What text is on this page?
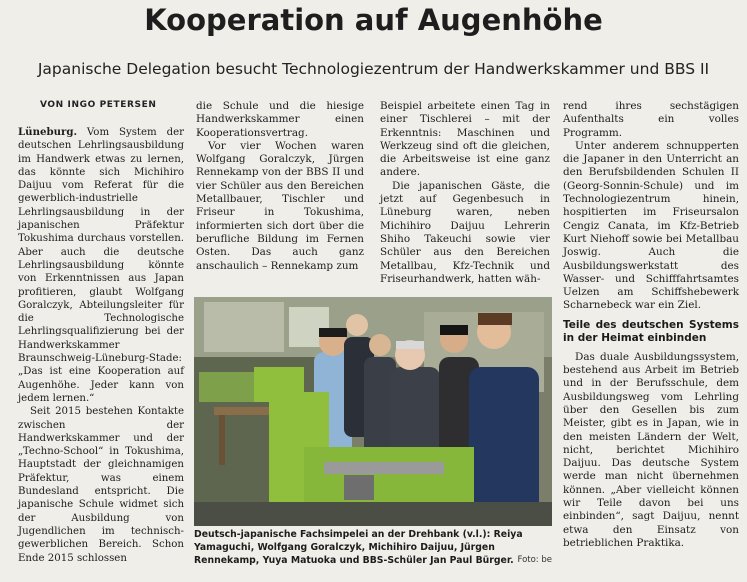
Kooperation auf Augenhöhe
Japanische Delegation besucht Technologiezentrum der Handwerkskammer und BBS II
VON INGO PETERSEN

Lüneburg. Vom System der deutschen Lehrlingsausbildung im Handwerk etwas zu lernen, das könnte sich Michihiro Daijuu vom Referat für die gewerblich-industrielle Lehrlingsausbildung in der japanischen Präfektur Tokushima durchaus vorstellen. Aber auch die deutsche Lehrlingsausbildung könnte von Erkenntnissen aus Japan profitieren, glaubt Wolfgang Goralczyk, Abteilungsleiter für die Technologische Lehrlingsqualifizierung bei der Handwerkskammer Braunschweig-Lüneburg-Stade: „Das ist eine Kooperation auf Augenhöhe. Jeder kann von jedem lernen.“

Seit 2015 bestehen Kontakte zwischen der Handwerkskammer und der „Techno-School“ in Tokushima, Hauptstadt der gleichnamigen Präfektur, was einem Bundesland entspricht. Die japanische Schule widmet sich der Ausbildung von Jugendlichen im technisch-gewerblichen Bereich. Schon Ende 2015 schlossen

die Schule und die hiesige Handwerkskammer einen Kooperationsvertrag.

Vor vier Wochen waren Wolfgang Goralczyk, Jürgen Rennekamp von der BBS II und vier Schüler aus den Bereichen Metallbauer, Tischler und Friseur in Tokushima, informierten sich dort über die berufliche Bildung im Fernen Osten. Das auch ganz anschaulich – Rennekamp zum

Beispiel arbeitete einen Tag in einer Tischlerei – mit der Erkenntnis: Maschinen und Werkzeug sind oft die gleichen, die Arbeitsweise ist eine ganz andere.

Die japanischen Gäste, die jetzt auf Gegenbesuch in Lüneburg waren, neben Michihiro Daijuu Lehrerin Shiho Takeuchi sowie vier Schüler aus den Bereichen Metallbau, Kfz-Technik und Friseurhandwerk, hatten wäh-

rend ihres sechstägigen Aufenthalts ein volles Programm.

Unter anderem schnupperten die Japaner in den Unterricht an den Berufsbildenden Schulen II (Georg-Sonnin-Schule) und im Technologiezentrum hinein, hospitierten im Friseursalon Cengiz Canata, im Kfz-Betrieb Kurt Niehoff sowie bei Metallbau Joswig. Auch die Ausbildungswerkstatt des Wasser- und Schifffahrtsamtes Uelzen am Schiffshebewerk Scharnebeck war ein Ziel.

Teile des deutschen Systems in der Heimat einbinden

Das duale Ausbildungssystem, bestehend aus Arbeit im Betrieb und in der Berufsschule, dem Ausbildungsweg vom Lehrling über den Gesellen bis zum Meister, gibt es in Japan, wie in den meisten Ländern der Welt, nicht, berichtet Michihiro Daijuu. Das deutsche System werde man nicht übernehmen können. „Aber vielleicht können wir Teile davon bei uns einbinden“, sagt Daijuu, nennt etwa den Einsatz von betrieblichen Praktika.

Deutsch-japanische Fachsimpelei an der Drehbank (v.l.): Reiya Yamaguchi, Wolfgang Goralczyk, Michihiro Daijuu, Jürgen Rennekamp, Yuya Matuoka und BBS-Schüler Jan Paul Bürger. Foto: be
